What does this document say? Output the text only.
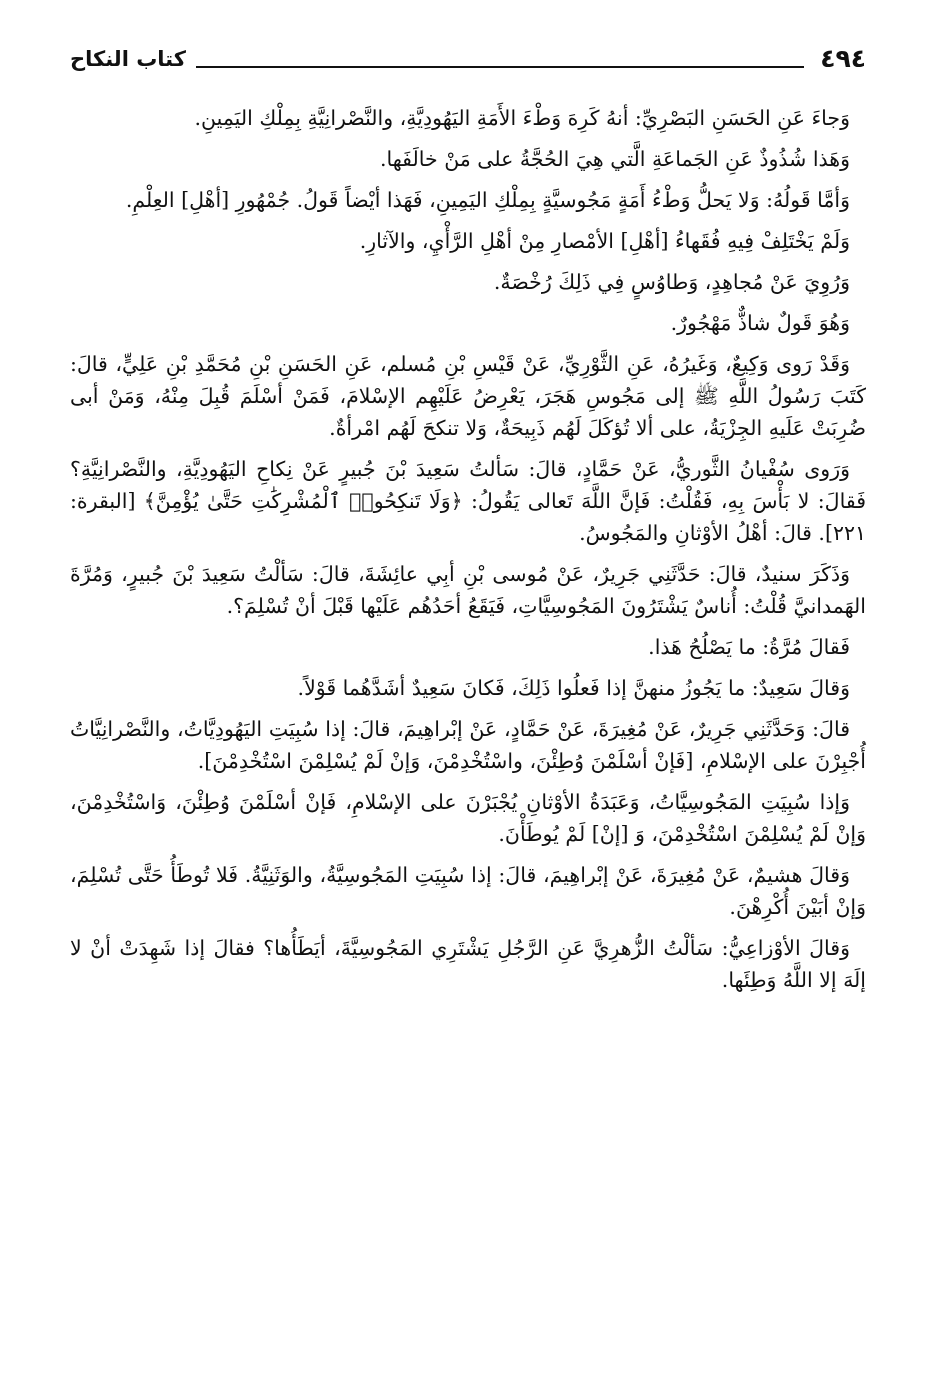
٤٩٤
كتاب النكاح

وَجاءَ عَنِ الحَسَنِ البَصْرِيِّ: أنهُ كَرِهَ وَطْءَ الأَمَةِ اليَهُودِيَّةِ، والنَّصْرانِيَّةِ بِمِلْكِ اليَمِينِ.

وَهَذا شُذُوذٌ عَنِ الجَماعَةِ الَّتي هِيَ الحُجَّةُ على مَنْ خالَفَها.

وَأمَّا قَولُهُ: وَلا يَحلُّ وَطْءُ أَمَةٍ مَجُوسيَّةٍ بِمِلْكِ اليَمِينِ، فَهَذا أيْضاً قَولُ. جُمْهُورِ [أهْلِ] العِلْمِ.

وَلَمْ يَخْتَلِفْ فِيهِ فُقَهاءُ [أهْلِ] الأمْصارِ مِنْ أهْلِ الرَّأْيِ، والآثارِ.

وَرُوِيَ عَنْ مُجاهِدٍ، وَطاوُسٍ فِي ذَلِكَ رُخْصَةٌ.

وَهُوَ قَولٌ شاذٌّ مَهْجُورٌ.

وَقَدْ رَوى وَكِيعٌ، وَغَيرُهُ، عَنِ الثَّوْرِيِّ، عَنْ قَيْسِ بْنِ مُسلم، عَنِ الحَسَنِ بْنِ مُحَمَّدِ بْنِ عَلِيٍّ، قالَ: كَتَبَ رَسُولُ اللَّهِ ﷺ إلى مَجُوسِ هَجَرَ، يَعْرِضُ عَلَيْهِم الإسْلامَ، فَمَنْ أسْلَمَ قُبِلَ مِنْهُ، وَمَنْ أبى ضُرِبَتْ عَلَيهِ الجِزْيَةُ، على ألا تُؤكَلَ لَهُم ذَبِيحَةٌ، وَلا تنكحَ لَهُم امْرأةٌ.

وَرَوى سُفْيانُ الثَّوريُّ، عَنْ حَمَّادٍ، قالَ: سَألتُ سَعِيدَ بْنَ جُبيرٍ عَنْ نِكاحِ اليَهُودِيَّةِ، والنَّصْرانِيَّةِ؟ فَقالَ: لا بَأْسَ بِهِ، فَقُلْتُ: فَإنَّ اللَّهَ تَعالى يَقُولُ: ﴿وَلَا تَنكِحُوا۟ ٱلْمُشْرِكَٰتِ حَتَّىٰ يُؤْمِنَّ﴾ [البقرة: ٢٢١]. قالَ: أهْلُ الأوْثانِ والمَجُوسُ.

وَذَكَرَ سنيدٌ، قالَ: حَدَّثَنِي جَرِيرٌ، عَنْ مُوسى بْنِ أبِي عائِشَةَ، قالَ: سَألْتُ سَعِيدَ بْنَ جُبيرٍ، وَمُرَّةَ الهَمدانيَّ قُلْتُ: أُناسٌ يَشْتَرُونَ المَجُوسِيَّاتِ، فَيَقَعُ أحَدُهُم عَلَيْها قَبْلَ أنْ تُسْلِمَ؟.

فَقالَ مُرَّةُ: ما يَصْلُحُ هَذا.

وَقالَ سَعِيدٌ: ما يَجُوزُ منهنَّ إذا فَعلُوا ذَلِكَ، فَكانَ سَعِيدٌ أشَدَّهُما قَوْلاً.

قالَ: وَحَدَّثَنِي جَرِيرٌ، عَنْ مُغِيرَةَ، عَنْ حَمَّادٍ، عَنْ إبْراهِيمَ، قالَ: إذا سُبِيَتِ اليَهُودِيَّاتُ، والنَّصْرانِيَّاتُ أُجْبِرْنَ على الإسْلامِ، [فَإنْ أسْلَمْنَ وُطِئْنَ، واسْتُخْدِمْنَ، وَإنْ لَمْ يُسْلِمْنَ اسْتُخْدِمْنَ].

وَإذا سُبِيَتِ المَجُوسِيَّاتُ، وَعَبَدَةُ الأوْثانِ يُجْبَرْنَ على الإسْلامِ، فَإنْ أسْلَمْنَ وُطِئْنَ، وَاسْتُخْدِمْنَ، وَإنْ لَمْ يُسْلِمْنَ اسْتُخْدِمْنَ، وَ [إنْ] لَمْ يُوطَأْنَ.

وَقالَ هشيمٌ، عَنْ مُغِيرَةَ، عَنْ إبْراهِيمَ، قالَ: إذا سُبِيَتِ المَجُوسِيَّةُ، والوَثَنِيَّةُ. فَلا تُوطَأُ حَتَّى تُسْلِمَ، وَإنْ أبَيْنَ أُكْرِهْنَ.

وَقالَ الأوْزاعِيُّ: سَألْتُ الزُّهرِيَّ عَنِ الرَّجُلِ يَشْتَرِي المَجُوسِيَّةَ، أيَطَأُها؟ فقالَ إذا شَهِدَتْ أنْ لا إلَهَ إلا اللَّهُ وَطِئَها.
